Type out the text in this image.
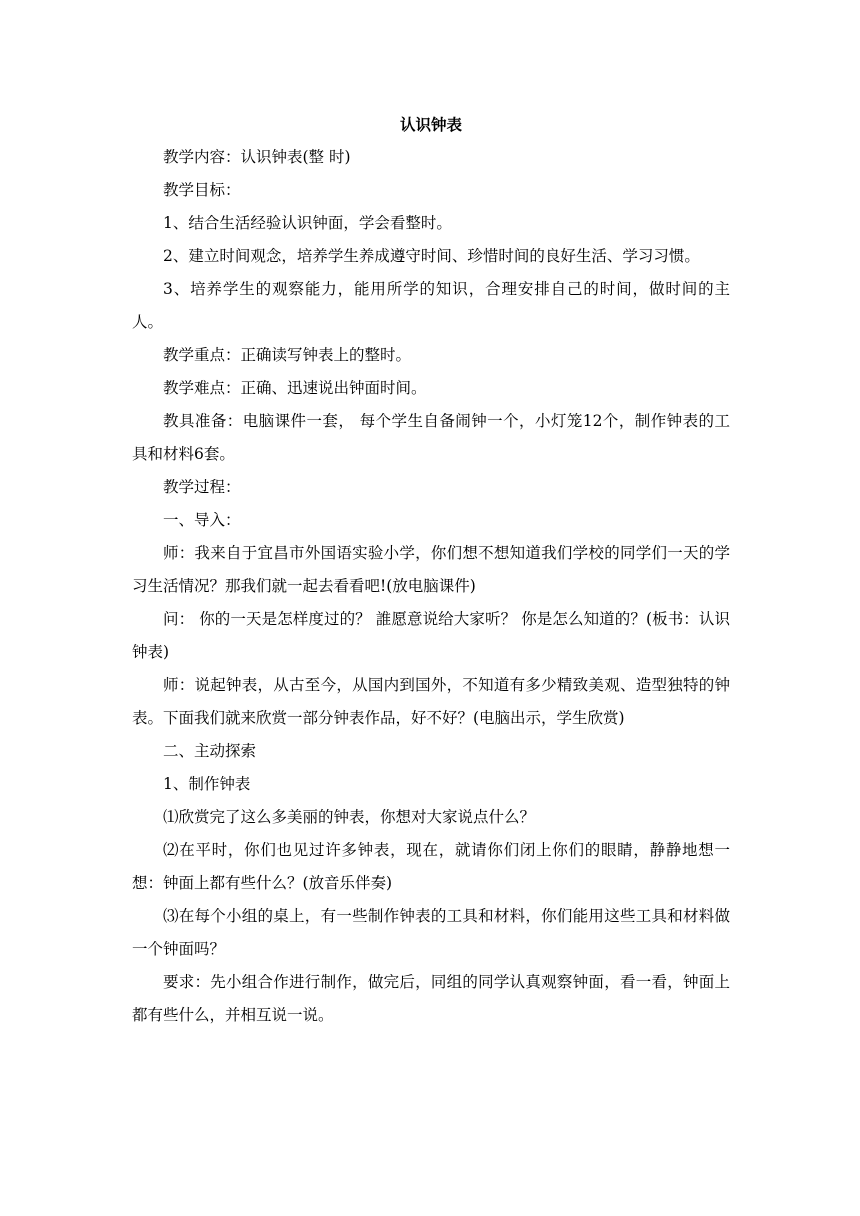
认识钟表

教学内容：认识钟表(整 时)

教学目标：

1、结合生活经验认识钟面，学会看整时。

2、建立时间观念，培养学生养成遵守时间、珍惜时间的良好生活、学习习惯。

3、培养学生的观察能力，能用所学的知识，合理安排自己的时间，做时间的主人。

教学重点：正确读写钟表上的整时。

教学难点：正确、迅速说出钟面时间。

教具准备：电脑课件一套， 每个学生自备闹钟一个，小灯笼12个，制作钟表的工具和材料6套。

教学过程：

一、导入：

师：我来自于宜昌市外国语实验小学，你们想不想知道我们学校的同学们一天的学习生活情况？那我们就一起去看看吧!(放电脑课件)

问： 你的一天是怎样度过的？ 誰愿意说给大家听？ 你是怎么知道的？(板书：认识钟表)

师：说起钟表，从古至今，从国内到国外，不知道有多少精致美观、造型独特的钟表。下面我们就来欣赏一部分钟表作品，好不好？(电脑出示，学生欣赏)

二、主动探索

1、制作钟表

⑴欣赏完了这么多美丽的钟表，你想对大家说点什么？

⑵在平时，你们也见过许多钟表，现在，就请你们闭上你们的眼睛，静静地想一想：钟面上都有些什么？(放音乐伴奏)

⑶在每个小组的桌上，有一些制作钟表的工具和材料，你们能用这些工具和材料做一个钟面吗？

要求：先小组合作进行制作，做完后，同组的同学认真观察钟面，看一看，钟面上都有些什么，并相互说一说。
